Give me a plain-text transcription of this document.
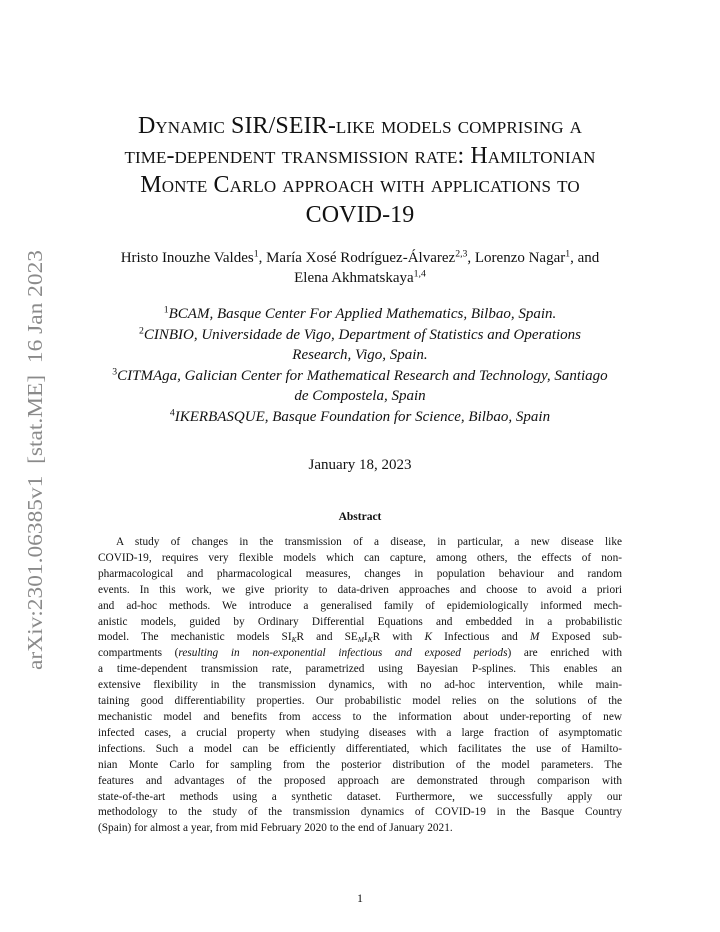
arXiv:2301.06385v1  [stat.ME]  16 Jan 2023
Dynamic SIR/SEIR-like models comprising a
time-dependent transmission rate: Hamiltonian
Monte Carlo approach with applications to
COVID-19
Hristo Inouzhe Valdes$^1$, María Xosé Rodríguez-Álvarez$^{2,3}$, Lorenzo Nagar$^1$, and
Elena Akhmatskaya$^{1,4}$
$^1$BCAM, Basque Center For Applied Mathematics, Bilbao, Spain.
$^2$CINBIO, Universidade de Vigo, Department of Statistics and Operations
Research, Vigo, Spain.
$^3$CITMAga, Galician Center for Mathematical Research and Technology, Santiago
de Compostela, Spain
$^4$IKERBASQUE, Basque Foundation for Science, Bilbao, Spain
January 18, 2023
Abstract
A study of changes in the transmission of a disease, in particular, a new disease like
COVID-19, requires very flexible models which can capture, among others, the effects of non-
pharmacological and pharmacological measures, changes in population behaviour and random
events. In this work, we give priority to data-driven approaches and choose to avoid a priori
and ad-hoc methods. We introduce a generalised family of epidemiologically informed mech-
anistic models, guided by Ordinary Differential Equations and embedded in a probabilistic
model. The mechanistic models $SI_KR$ and $SE_MI_KR$ with K Infectious and M Exposed sub-
compartments (resulting in non-exponential infectious and exposed periods) are enriched with
a time-dependent transmission rate, parametrized using Bayesian P-splines. This enables an
extensive flexibility in the transmission dynamics, with no ad-hoc intervention, while main-
taining good differentiability properties. Our probabilistic model relies on the solutions of the
mechanistic model and benefits from access to the information about under-reporting of new
infected cases, a crucial property when studying diseases with a large fraction of asymptomatic
infections. Such a model can be efficiently differentiated, which facilitates the use of Hamilto-
nian Monte Carlo for sampling from the posterior distribution of the model parameters. The
features and advantages of the proposed approach are demonstrated through comparison with
state-of-the-art methods using a synthetic dataset. Furthermore, we successfully apply our
methodology to the study of the transmission dynamics of COVID-19 in the Basque Country
(Spain) for almost a year, from mid February 2020 to the end of January 2021.
1
